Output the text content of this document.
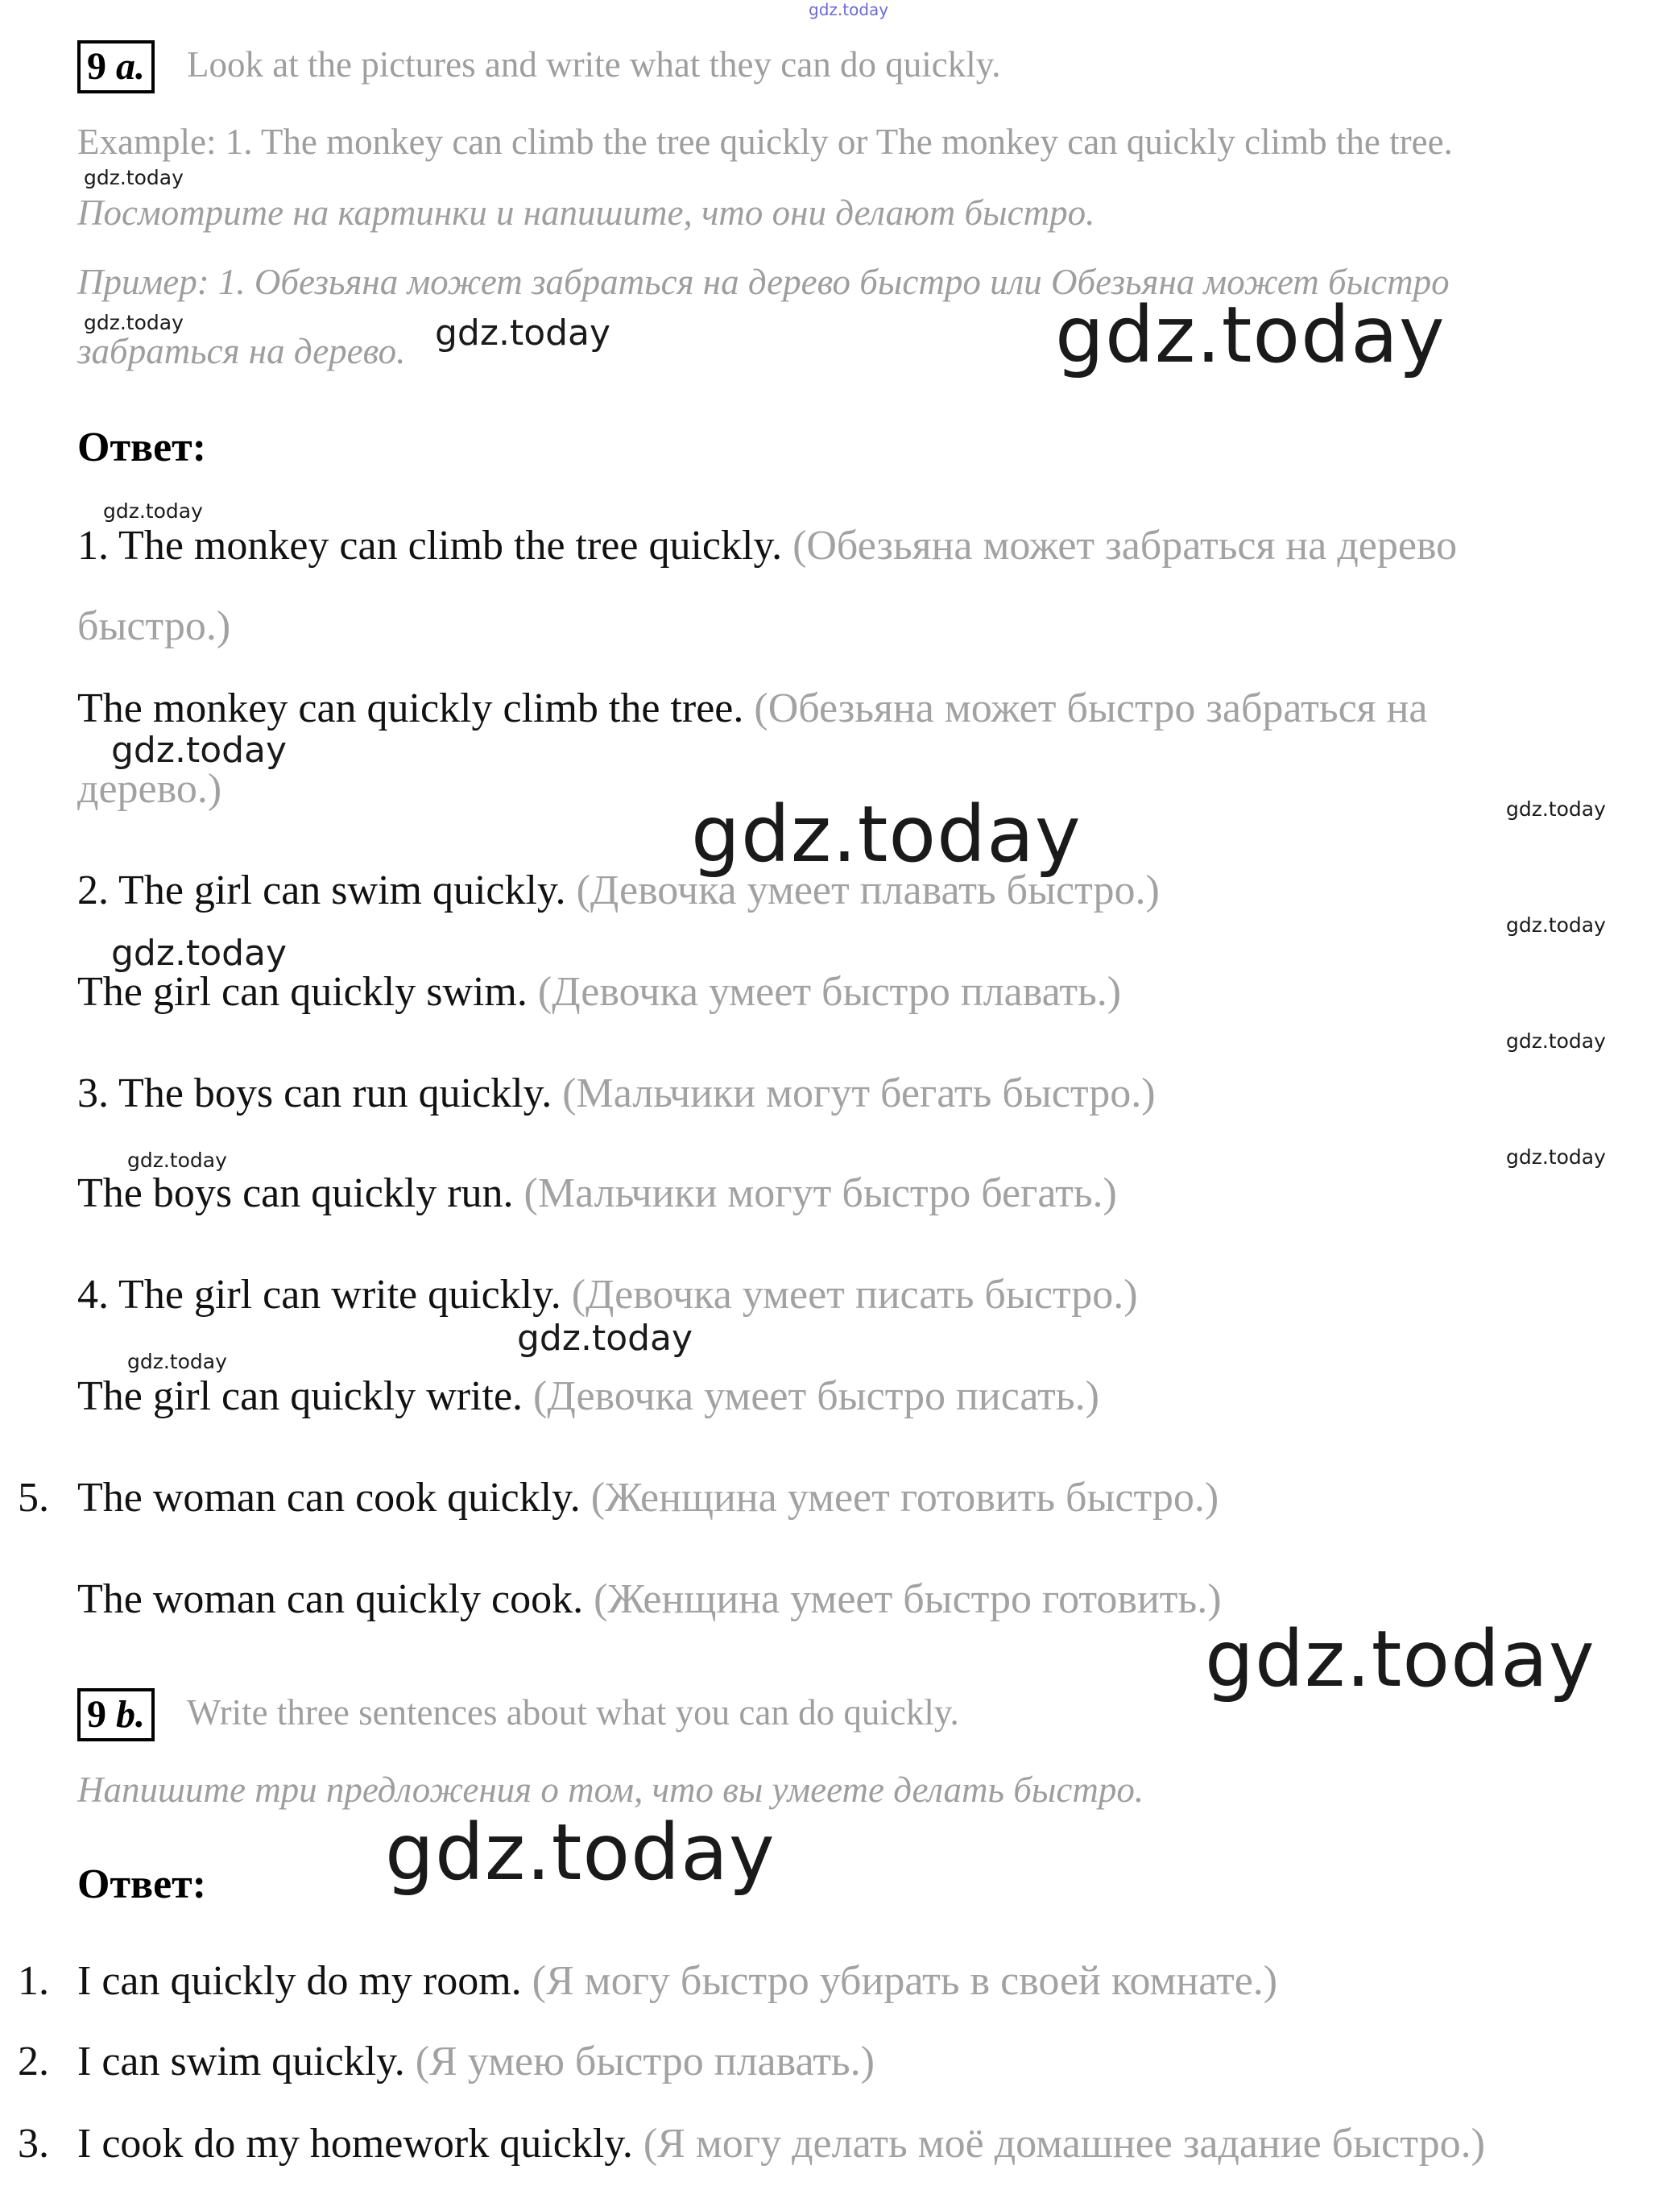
gdz.today
9 a. Look at the pictures and write what they can do quickly.
Example: 1. The monkey can climb the tree quickly or The monkey can quickly climb the tree.
gdz.today
Посмотрите на картинки и напишите, что они делают быстро.
Пример: 1. Обезьяна может забраться на дерево быстро или Обезьяна может быстро
gdz.today
забраться на дерево. gdz.today	gdz.today
Ответ:
gdz.today
1. The monkey can climb the tree quickly. (Обезьяна может забраться на дерево
быстро.)
The monkey can quickly climb the tree. (Обезьяна может быстро забраться на
gdz.today
дерево.)	gdz.today
gdz.today
2. The girl can swim quickly. (Девочка умеет плавать быстро.)
gdz.today
gdz.today
The girl can quickly swim. (Девочка умеет быстро плавать.)
gdz.today
3. The boys can run quickly. (Мальчики могут бегать быстро.)
gdz.today	gdz.today
The boys can quickly run. (Мальчики могут быстро бегать.)
4. The girl can write quickly. (Девочка умеет писать быстро.)
gdz.today
gdz.today
The girl can quickly write. (Девочка умеет быстро писать.)
5. The woman can cook quickly. (Женщина умеет готовить быстро.)
The woman can quickly cook. (Женщина умеет быстро готовить.)
gdz.today
9 b. Write three sentences about what you can do quickly.
Напишите три предложения о том, что вы умеете делать быстро.
gdz.today
Ответ:
1. I can quickly do my room. (Я могу быстро убирать в своей комнате.)
2. I can swim quickly. (Я умею быстро плавать.)
3. I cook do my homework quickly. (Я могу делать моё домашнее задание быстро.)
